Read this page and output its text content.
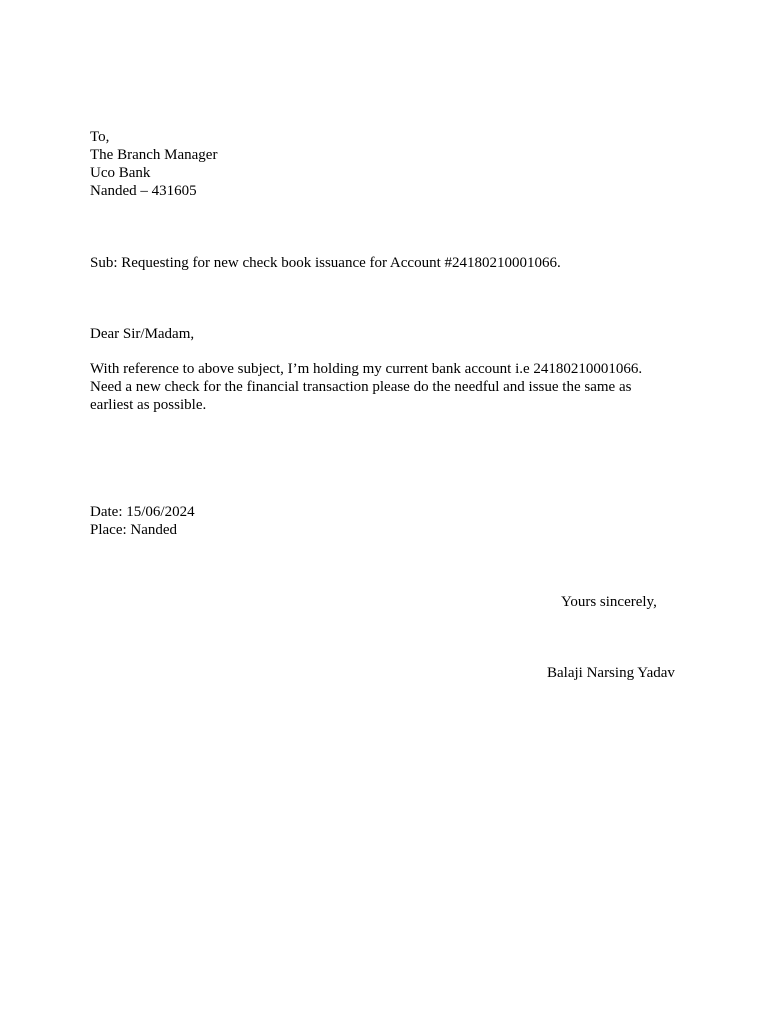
To,
The Branch Manager
Uco Bank
Nanded – 431605
Sub: Requesting for new check book issuance for Account #24180210001066.
Dear Sir/Madam,
With reference to above subject, I’m holding my current bank account i.e 24180210001066.
Need a new check for the financial transaction please do the needful and issue the same as
earliest as possible.
Date: 15/06/2024
Place: Nanded
Yours sincerely,
Balaji Narsing Yadav
